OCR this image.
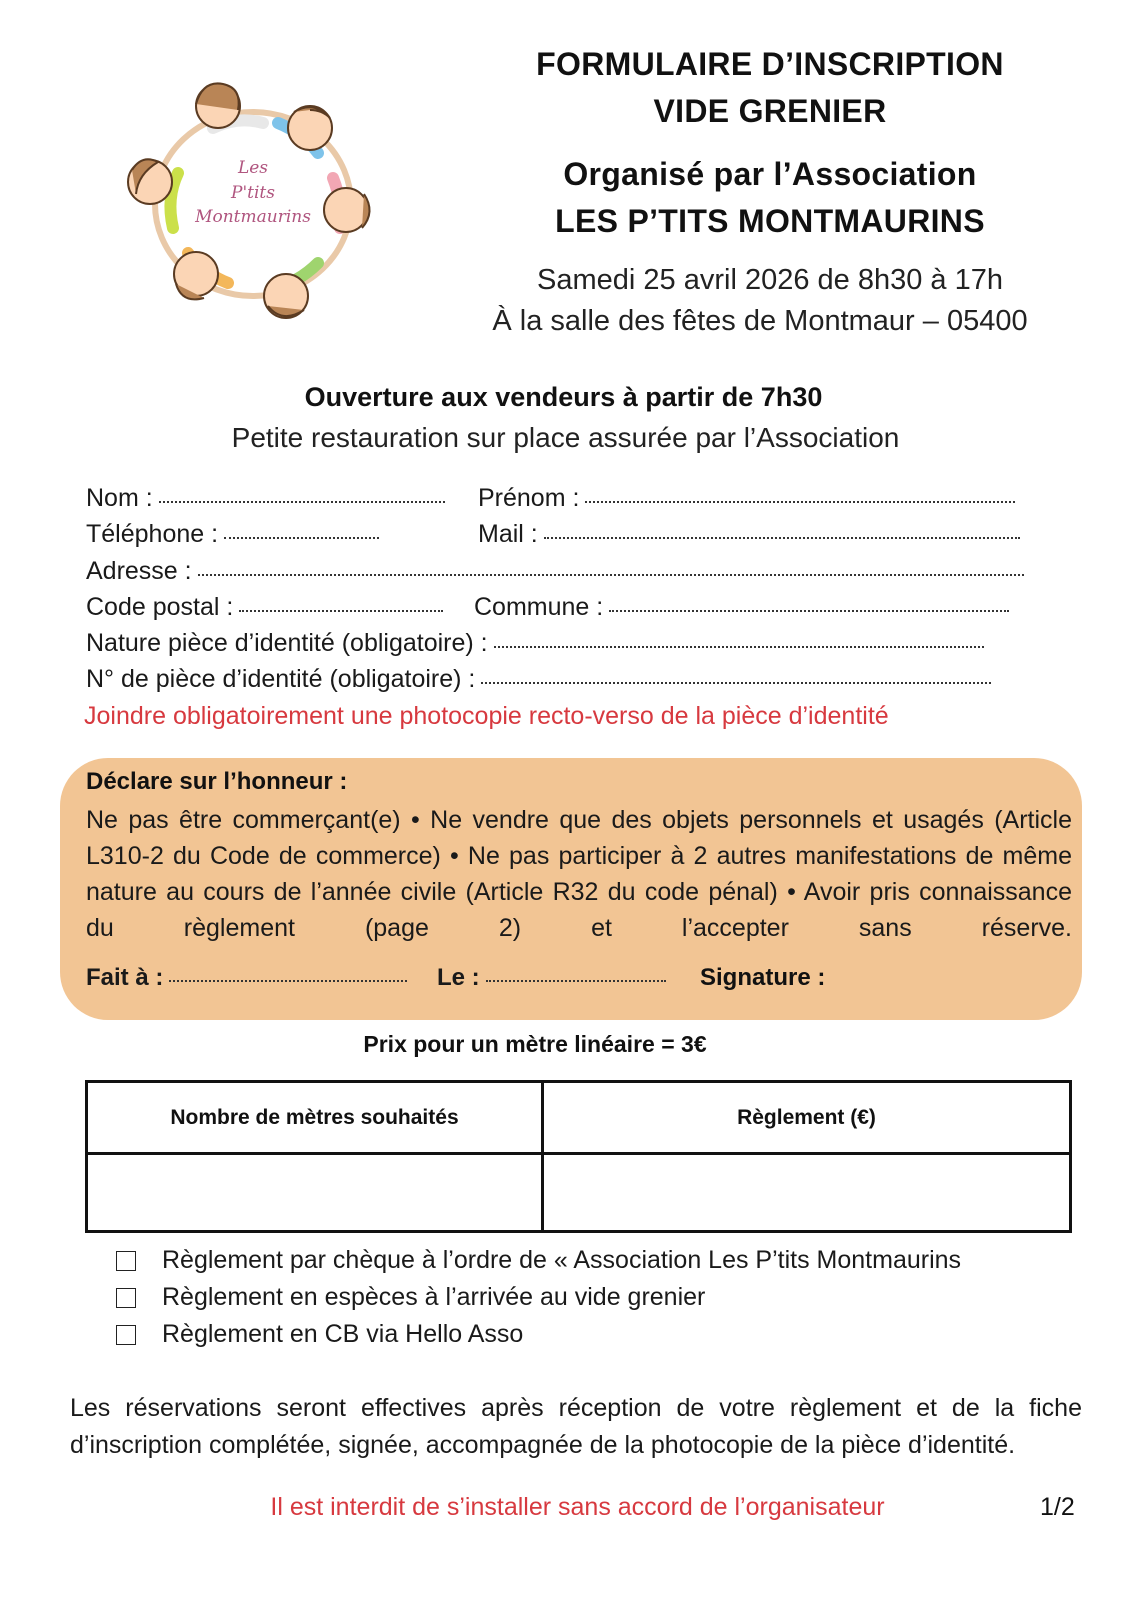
Les
P'tits
Montmaurins
FORMULAIRE D’INSCRIPTION
VIDE GRENIER
Organisé par l’Association
LES P’TITS MONTMAURINS
Samedi 25 avril 2026 de 8h30 à 17h
À la salle des fêtes de Montmaur – 05400
Ouverture aux vendeurs à partir de 7h30
Petite restauration sur place assurée par l’Association
Nom :	Prénom :
Téléphone :	Mail :
Adresse :
Code postal :	Commune :
Nature pièce d’identité (obligatoire) :
N° de pièce d’identité (obligatoire) :
Joindre obligatoirement une photocopie recto-verso de la pièce d’identité
Déclare sur l’honneur :
Ne pas être commerçant(e) • Ne vendre que des objets personnels et usagés (Article L310-2 du Code de commerce) • Ne pas participer à 2 autres manifestations de même nature au cours de l’année civile (Article R32 du code pénal) • Avoir pris connaissance du règlement (page 2) et l’accepter sans réserve.
Fait à :	Le :	Signature :
Prix pour un mètre linéaire = 3€
Nombre de mètres souhaités	Règlement (€)
Règlement par chèque à l’ordre de « Association Les P’tits Montmaurins
Règlement en espèces à l’arrivée au vide grenier
Règlement en CB via Hello Asso
Les réservations seront effectives après réception de votre règlement et de la fiche d’inscription complétée, signée, accompagnée de la photocopie de la pièce d’identité.
Il est interdit de s’installer sans accord de l’organisateur	1/2
